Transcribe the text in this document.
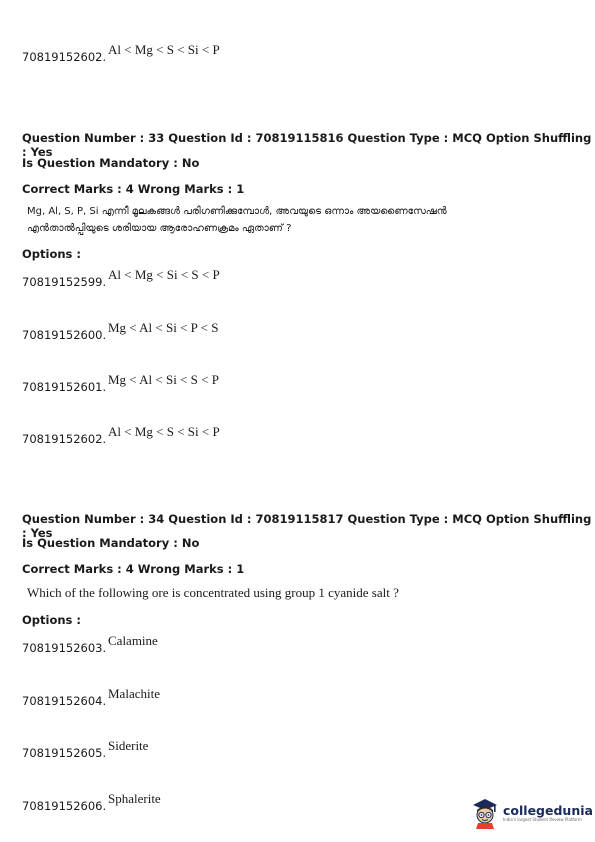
70819152602. Al < Mg < S < Si < P
Question Number : 33 Question Id : 70819115816 Question Type : MCQ Option Shuffling : Yes
Is Question Mandatory : No
Correct Marks : 4 Wrong Marks : 1
Mg, Al, S, P, Si എന്നീ മൂലകങ്ങൾ പരിഗണിക്കുമ്പോൾ, അവയുടെ ഒന്നാം അയണൈസേഷൻ
എൻതാൽപ്പിയുടെ ശരിയായ ആരോഹണക്രമം ഏതാണ് ?
Options :
70819152599. Al < Mg < Si < S < P
70819152600. Mg < Al < Si < P < S
70819152601. Mg < Al < Si < S < P
70819152602. Al < Mg < S < Si < P
Question Number : 34 Question Id : 70819115817 Question Type : MCQ Option Shuffling : Yes
Is Question Mandatory : No
Correct Marks : 4 Wrong Marks : 1
Which of the following ore is concentrated using group 1 cyanide salt ?
Options :
70819152603. Calamine
70819152604. Malachite
70819152605. Siderite
70819152606. Sphalerite
collegedunia
India's largest Student Review Platform
